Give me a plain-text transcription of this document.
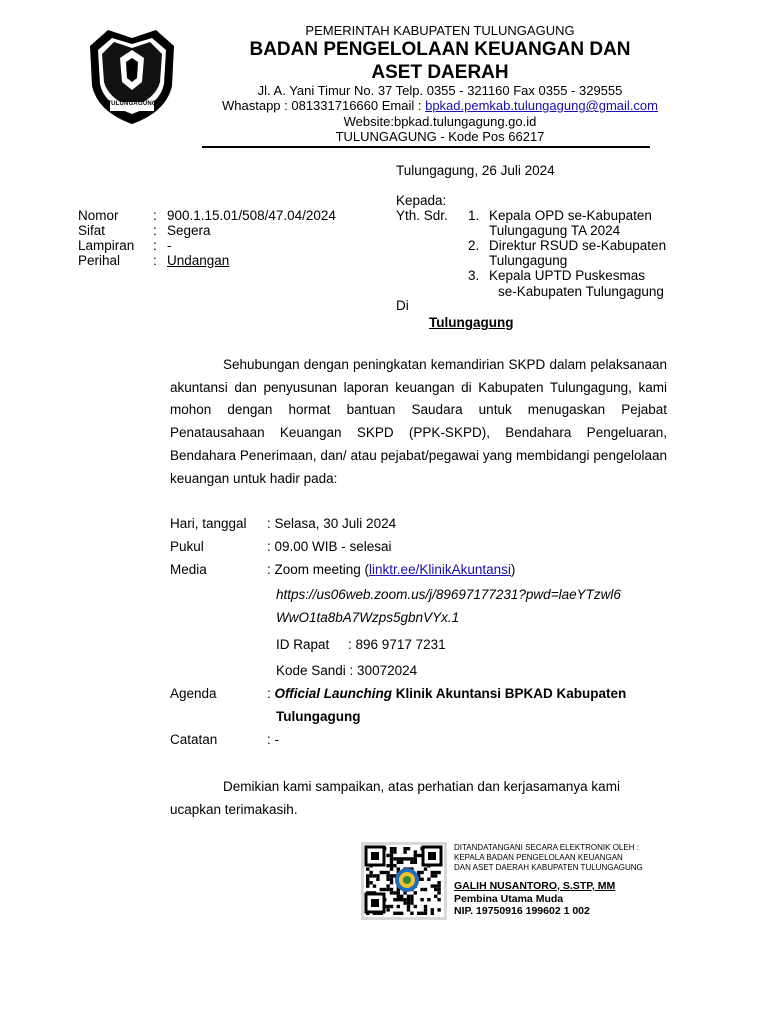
TULUNGAGUNG
PEMERINTAH KABUPATEN TULUNGAGUNG
BADAN PENGELOLAAN KEUANGAN DAN
ASET DAERAH
Jl. A. Yani Timur No. 37 Telp. 0355 - 321160 Fax 0355 - 329555
Whastapp : 081331716660 Email : bpkad.pemkab.tulungagung@gmail.com
Website:bpkad.tulungagung.go.id
TULUNGAGUNG - Kode Pos 66217
Tulungagung, 26 Juli 2024
Kepada:
Yth. Sdr. 1. Kepala OPD se-Kabupaten
Tulungagung TA 2024
2. Direktur RSUD se-Kabupaten
Tulungagung
3. Kepala UPTD Puskesmas
se-Kabupaten Tulungagung
Di
Tulungagung
Nomor	: 900.1.15.01/508/47.04/2024
Sifat	: Segera
Lampiran : -
Perihal : Undangan
Sehubungan dengan peningkatan kemandirian SKPD dalam pelaksanaan akuntansi dan penyusunan laporan keuangan di Kabupaten Tulungagung, kami mohon dengan hormat bantuan Saudara untuk menugaskan Pejabat Penatausahaan Keuangan SKPD (PPK-SKPD), Bendahara Pengeluaran, Bendahara Penerimaan, dan/ atau pejabat/pegawai yang membidangi pengelolaan keuangan untuk hadir pada:
Hari, tanggal : Selasa, 30 Juli 2024
Pukul	: 09.00 WIB - selesai
Media	: Zoom meeting (linktr.ee/KlinikAkuntansi)
https://us06web.zoom.us/j/89697177231?pwd=laeYTzwl6
WwO1ta8bA7Wzps5gbnVYx.1
ID Rapat     : 896 9717 7231
Kode Sandi : 30072024
Agenda	: Official Launching Klinik Akuntansi BPKAD Kabupaten
Tulungagung
Catatan	: -
Demikian kami sampaikan, atas perhatian dan kerjasamanya kami ucapkan terimakasih.
DITANDATANGANI SECARA ELEKTRONIK OLEH :
KEPALA BADAN PENGELOLAAN KEUANGAN
DAN ASET DAERAH KABUPATEN TULUNGAGUNG
GALIH NUSANTORO, S.STP, MM
Pembina Utama Muda
NIP. 19750916 199602 1 002
